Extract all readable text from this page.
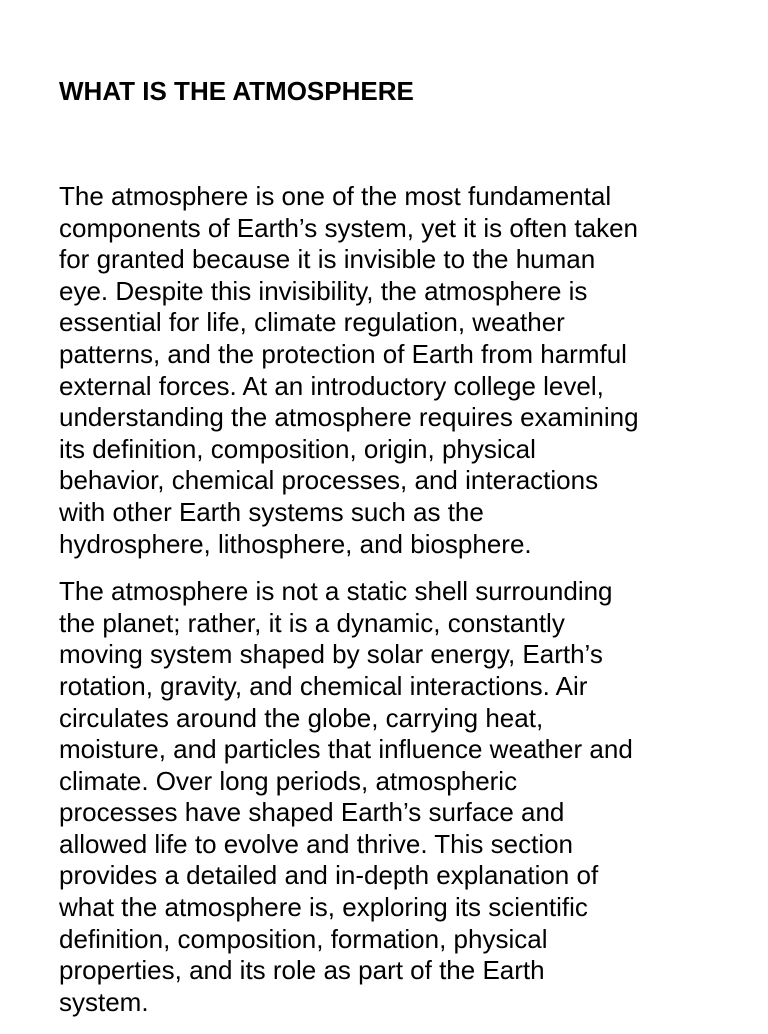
WHAT IS THE ATMOSPHERE

The atmosphere is one of the most fundamental
components of Earth’s system, yet it is often taken
for granted because it is invisible to the human
eye. Despite this invisibility, the atmosphere is
essential for life, climate regulation, weather
patterns, and the protection of Earth from harmful
external forces. At an introductory college level,
understanding the atmosphere requires examining
its definition, composition, origin, physical
behavior, chemical processes, and interactions
with other Earth systems such as the
hydrosphere, lithosphere, and biosphere.

The atmosphere is not a static shell surrounding
the planet; rather, it is a dynamic, constantly
moving system shaped by solar energy, Earth’s
rotation, gravity, and chemical interactions. Air
circulates around the globe, carrying heat,
moisture, and particles that influence weather and
climate. Over long periods, atmospheric
processes have shaped Earth’s surface and
allowed life to evolve and thrive. This section
provides a detailed and in-depth explanation of
what the atmosphere is, exploring its scientific
definition, composition, formation, physical
properties, and its role as part of the Earth
system.
